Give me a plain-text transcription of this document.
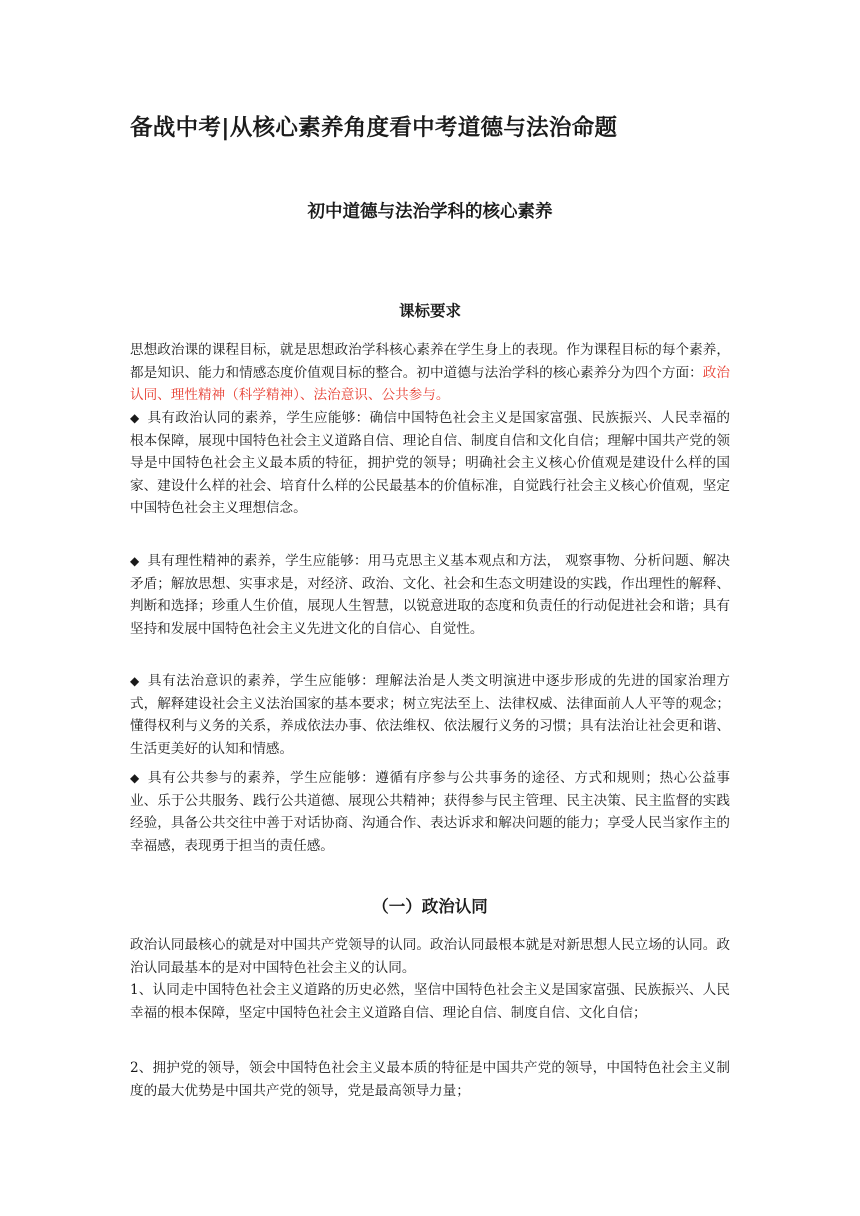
备战中考|从核心素养角度看中考道德与法治命题
初中道德与法治学科的核心素养
课标要求

思想政治课的课程目标，就是思想政治学科核心素养在学生身上的表现。作为课程目标的每个素养，都是知识、能力和情感态度价值观目标的整合。初中道德与法治学科的核心素养分为四个方面：政治认同、理性精神（科学精神）、法治意识、公共参与。

◆ 具有政治认同的素养，学生应能够：确信中国特色社会主义是国家富强、民族振兴、人民幸福的根本保障，展现中国特色社会主义道路自信、理论自信、制度自信和文化自信；理解中国共产党的领导是中国特色社会主义最本质的特征，拥护党的领导；明确社会主义核心价值观是建设什么样的国家、建设什么样的社会、培育什么样的公民最基本的价值标准，自觉践行社会主义核心价值观，坚定中国特色社会主义理想信念。

◆ 具有理性精神的素养，学生应能够：用马克思主义基本观点和方法， 观察事物、分析问题、解决矛盾；解放思想、实事求是，对经济、政治、文化、社会和生态文明建设的实践，作出理性的解释、判断和选择；珍重人生价值，展现人生智慧，以锐意进取的态度和负责任的行动促进社会和谐；具有坚持和发展中国特色社会主义先进文化的自信心、自觉性。

◆ 具有法治意识的素养，学生应能够：理解法治是人类文明演进中逐步形成的先进的国家治理方式，解释建设社会主义法治国家的基本要求；树立宪法至上、法律权威、法律面前人人平等的观念；懂得权利与义务的关系，养成依法办事、依法维权、依法履行义务的习惯；具有法治让社会更和谐、生活更美好的认知和情感。

◆ 具有公共参与的素养，学生应能够：遵循有序参与公共事务的途径、方式和规则；热心公益事业、乐于公共服务、践行公共道德、展现公共精神；获得参与民主管理、民主决策、民主监督的实践经验，具备公共交往中善于对话协商、沟通合作、表达诉求和解决问题的能力；享受人民当家作主的幸福感，表现勇于担当的责任感。

（一）政治认同

政治认同最核心的就是对中国共产党领导的认同。政治认同最根本就是对新思想人民立场的认同。政治认同最基本的是对中国特色社会主义的认同。

1、认同走中国特色社会主义道路的历史必然，坚信中国特色社会主义是国家富强、民族振兴、人民幸福的根本保障，坚定中国特色社会主义道路自信、理论自信、制度自信、文化自信；

2、拥护党的领导，领会中国特色社会主义最本质的特征是中国共产党的领导，中国特色社会主义制度的最大优势是中国共产党的领导，党是最高领导力量；
